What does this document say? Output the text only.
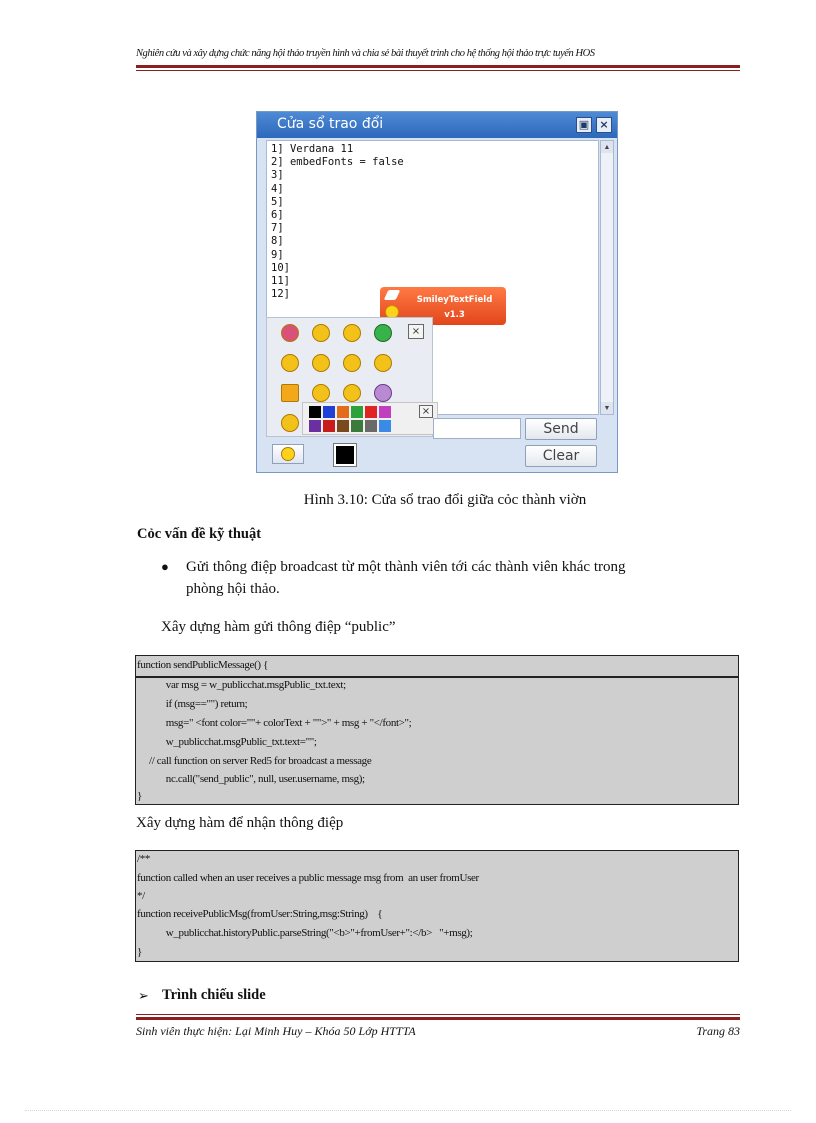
Nghiên cứu và xây dựng chức năng hội thảo truyền hình và chia sẻ bài thuyết trình cho hệ thống hội thảo trực tuyến HOS
Cửa sổ trao đổi	▣ ×
1] Verdana 11
2] embedFonts = false
3]
4]
5]
6]
7]
8]
9]
10]
11]
12]	SmileyTextField
v1.3
▲
▼
×
×
Send
Clear
Hình 3.10: Cửa sổ trao đổi giữa cỏc thành viờn
Cỏc vấn đề kỹ thuật
● Gửi thông điệp broadcast từ một thành viên tới các thành viên khác trong
phòng hội thảo.
Xây dựng hàm gửi thông điệp “public”
function sendPublicMessage() {
var msg = w_publicchat.msgPublic_txt.text;
if (msg=="") return;
msg=" <font color=""+ colorText + "">" + msg + "</font>";
w_publicchat.msgPublic_txt.text="";
// call function on server Red5 for broadcast a message
nc.call("send_public", null, user.username, msg);
}
Xây dựng hàm để nhận thông điệp
/**
function called when an user receives a public message msg from  an user fromUser
*/
function receivePublicMsg(fromUser:String,msg:String)    {
w_publicchat.historyPublic.parseString("<b>"+fromUser+":</b>   "+msg);
}
➢ Trình chiếu slide
Sinh viên thực hiện: Lại Minh Huy – Khóa 50 Lớp HTTTA	Trang 83
